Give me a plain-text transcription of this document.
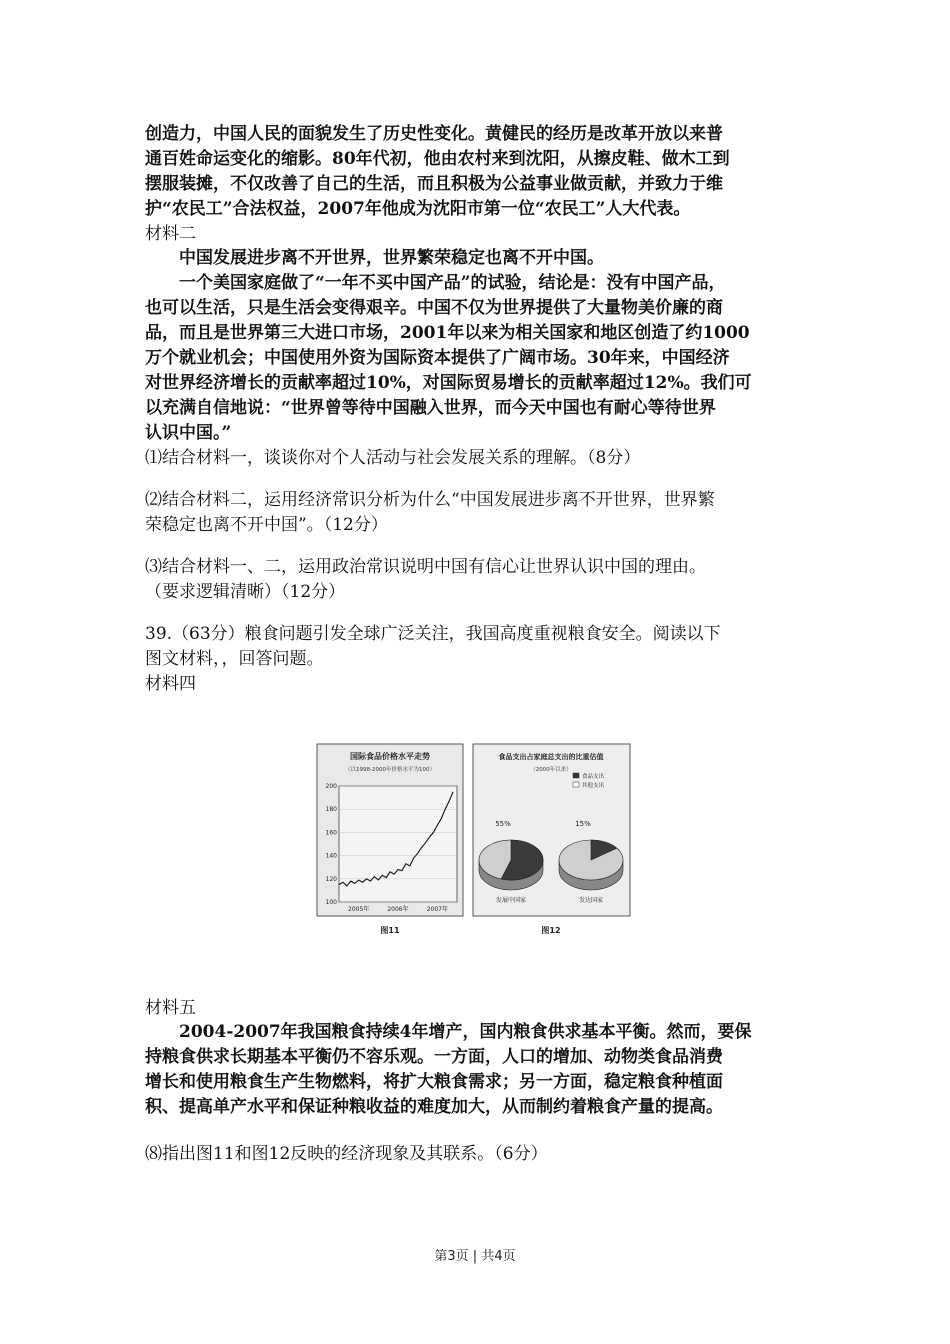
创造力，中国人民的面貌发生了历史性变化。黄健民的经历是改革开放以来普
通百姓命运变化的缩影。80年代初，他由农村来到沈阳，从擦皮鞋、做木工到
摆服装摊，不仅改善了自己的生活，而且积极为公益事业做贡献，并致力于维
护“农民工”合法权益，2007年他成为沈阳市第一位“农民工”人大代表。
材料二
中国发展进步离不开世界，世界繁荣稳定也离不开中国。
一个美国家庭做了“一年不买中国产品”的试验，结论是：没有中国产品，
也可以生活，只是生活会变得艰辛。中国不仅为世界提供了大量物美价廉的商
品，而且是世界第三大进口市场，2001年以来为相关国家和地区创造了约1000
万个就业机会；中国使用外资为国际资本提供了广阔市场。30年来，中国经济
对世界经济增长的贡献率超过10%，对国际贸易增长的贡献率超过12%。我们可
以充满自信地说：“世界曾等待中国融入世界，而今天中国也有耐心等待世界
认识中国。”
⑴结合材料一，谈谈你对个人活动与社会发展关系的理解。（8分）
⑵结合材料二，运用经济常识分析为什么“中国发展进步离不开世界，世界繁
荣稳定也离不开中国”。（12分）
⑶结合材料一、二，运用政治常识说明中国有信心让世界认识中国的理由。
（要求逻辑清晰）（12分）
39.（63分）粮食问题引发全球广泛关注，我国高度重视粮食安全。阅读以下
图文材料，，回答问题。
材料四
国际食品价格水平走势
（以1998-2000年价格水平为100）
100
120
140
160
180
200
2005年	2006年	2007年
食品支出占家庭总支出的比重估值
（2000年以来）
食品支出
其他支出
55%
发展中国家
15%
发达国家
图11	图12
材料五
2004-2007年我国粮食持续4年增产，国内粮食供求基本平衡。然而，要保
持粮食供求长期基本平衡仍不容乐观。一方面，人口的增加、动物类食品消费
增长和使用粮食生产生物燃料，将扩大粮食需求；另一方面，稳定粮食种植面
积、提高单产水平和保证种粮收益的难度加大，从而制约着粮食产量的提高。
⑻指出图11和图12反映的经济现象及其联系。（6分）
第3页 | 共4页
